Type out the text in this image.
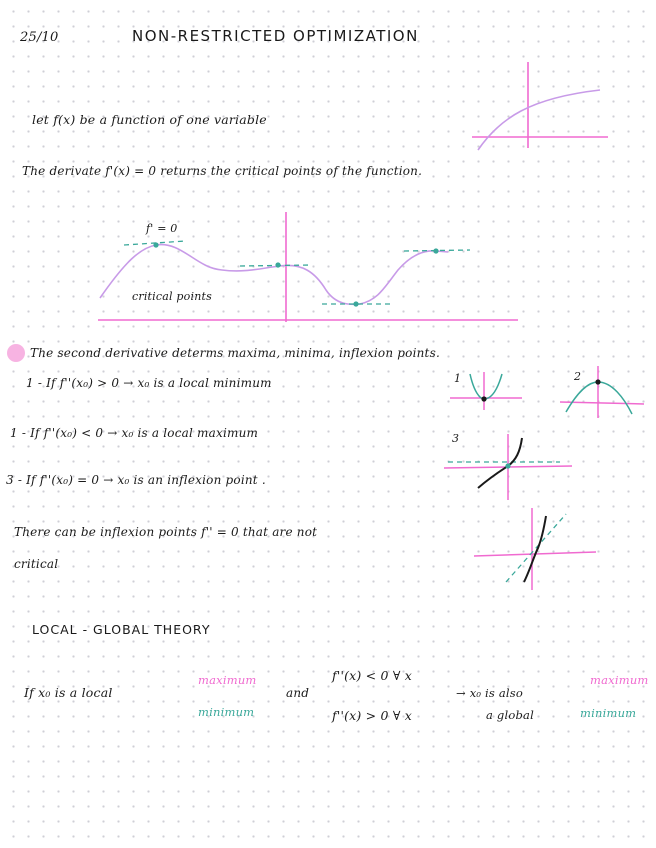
25/10	NON-RESTRICTED OPTIMIZATION
let f(x) be a function of one variable
The derivate f'(x) = 0 returns the critical points of the function.
f' = 0
critical points
The second derivative determs maxima, minima, inflexion points.
1 - If f''(x₀) > 0 → x₀ is a local minimum
1 - If f''(x₀) < 0 → x₀ is a local maximum
3 - If f''(x₀) = 0 → x₀ is an inflexion point .
There can be inflexion points f'' = 0 that are not
critical
1	2
3
LOCAL - GLOBAL THEORY
If x₀ is a local
maximum
minimum
and
f''(x) < 0 ∀ x
f''(x) > 0 ∀ x
→ x₀ is also
a global
maximum
minimum
